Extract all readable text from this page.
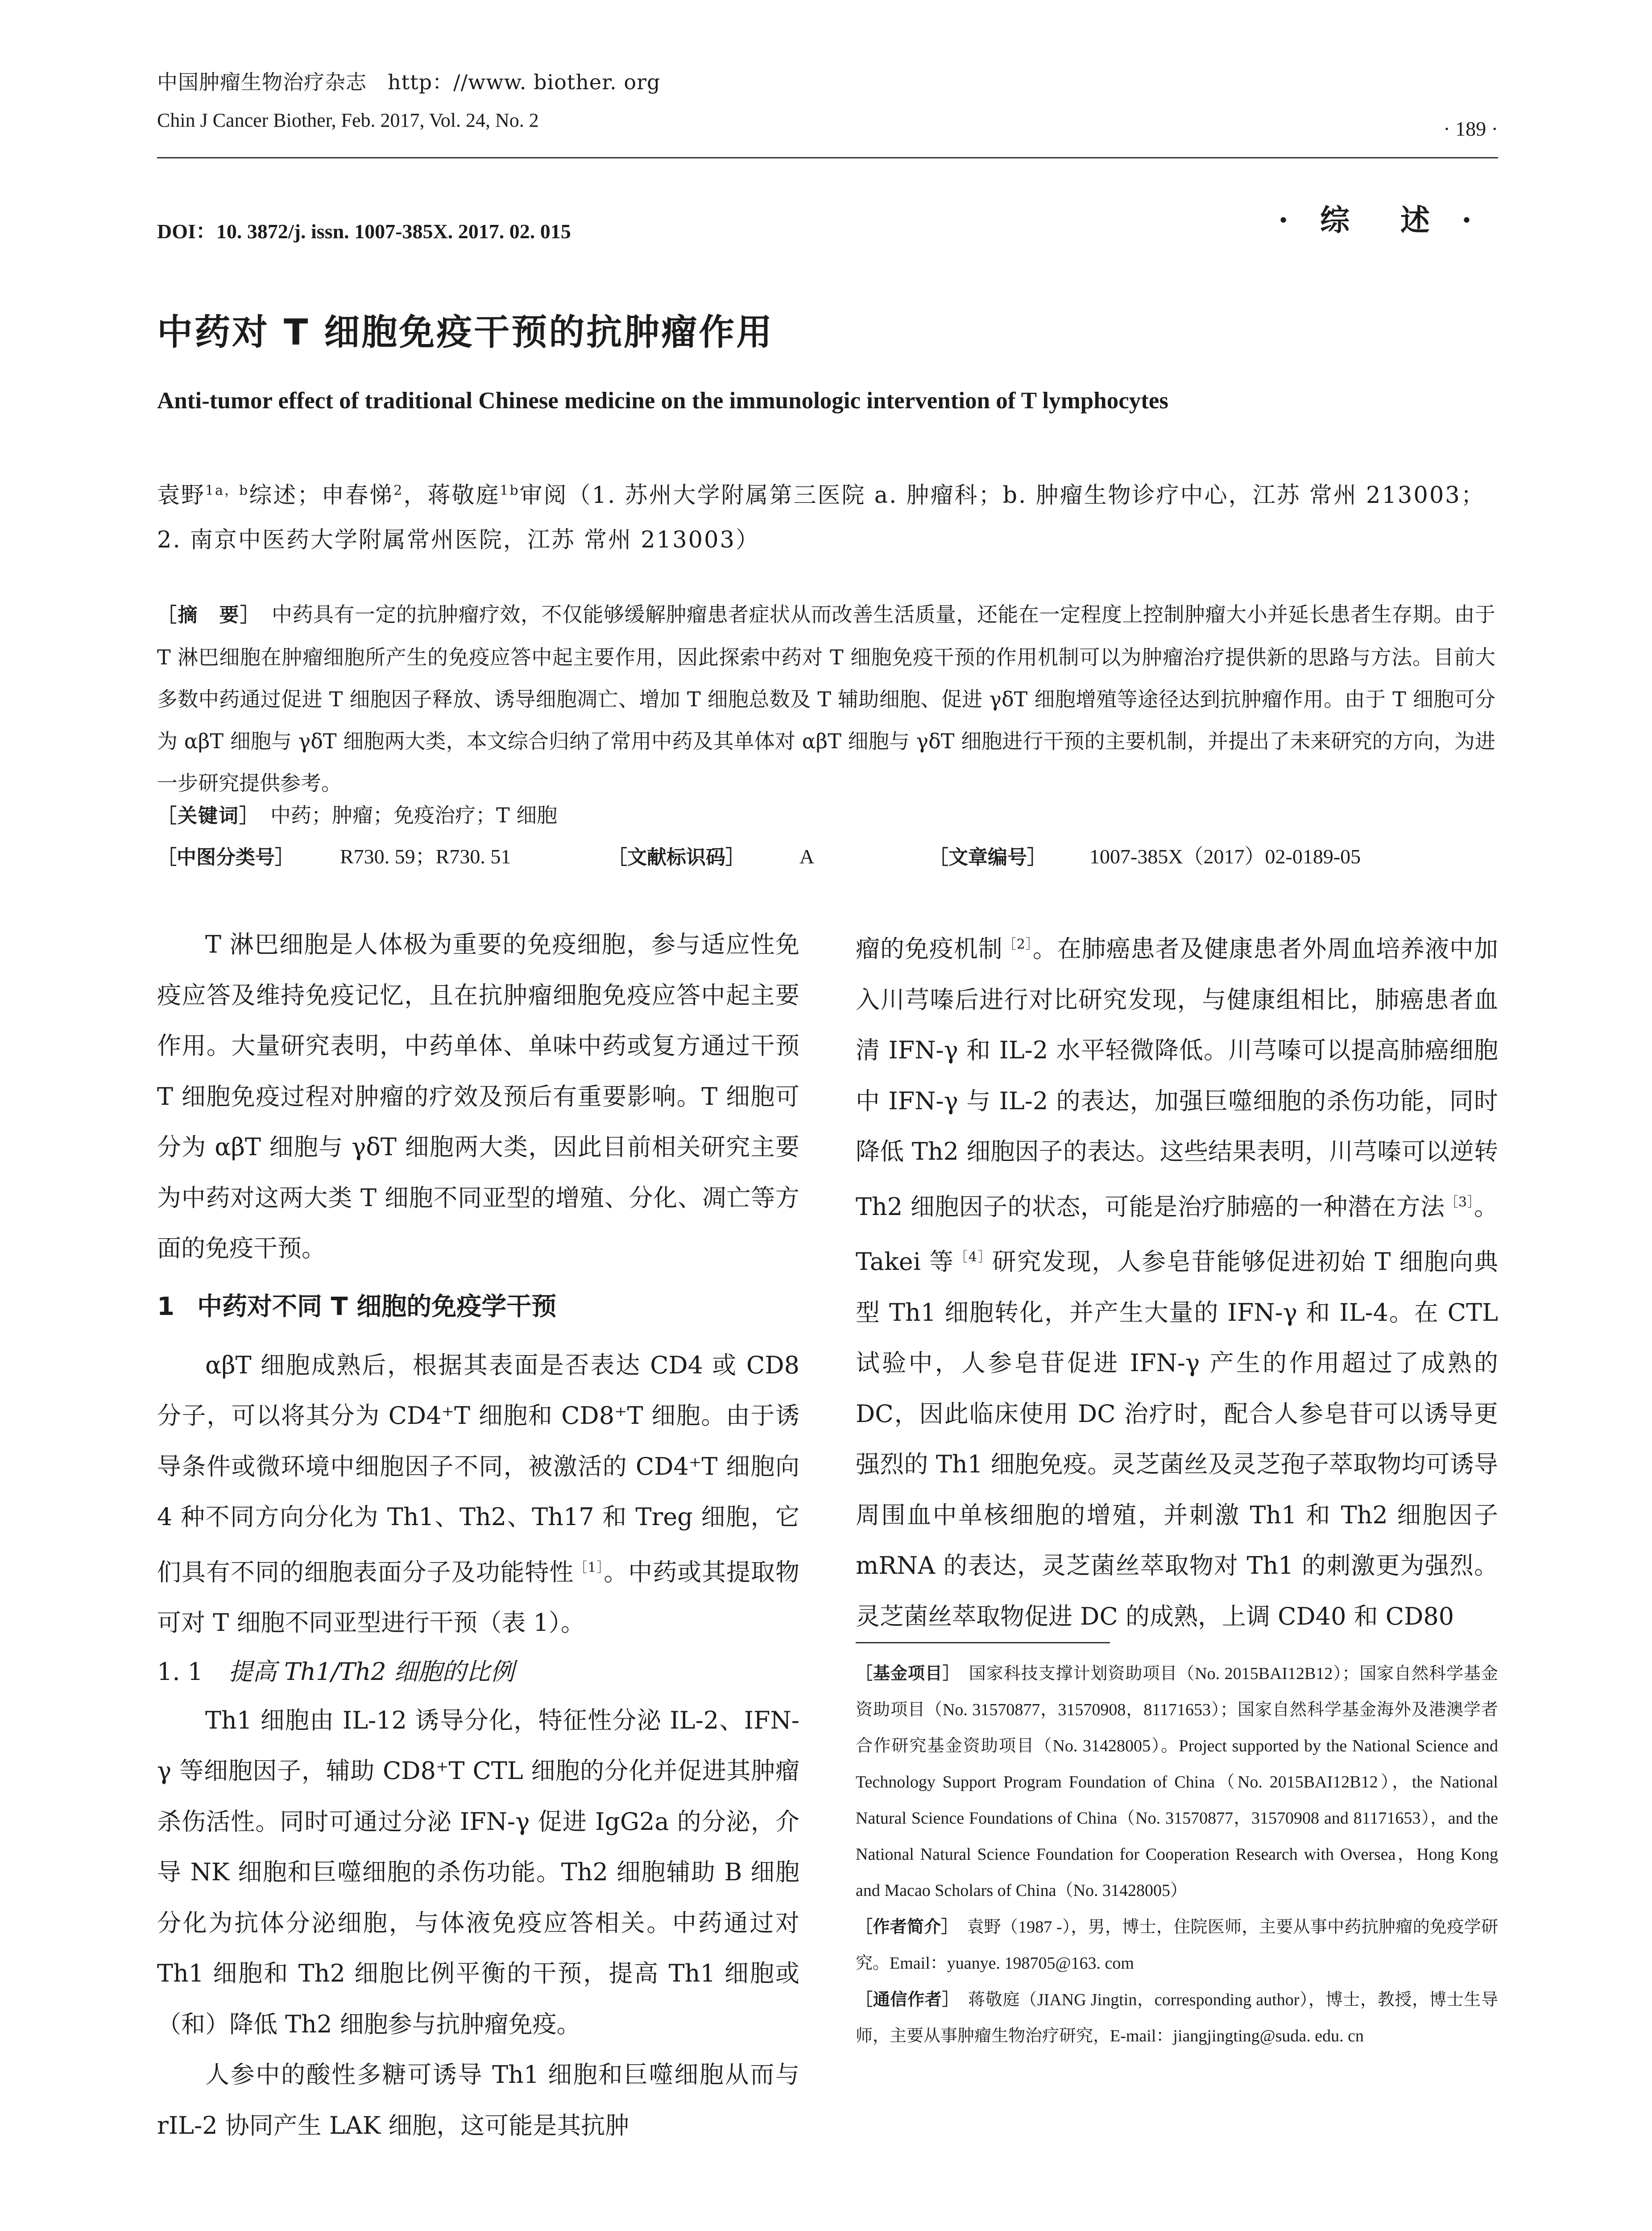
中国肿瘤生物治疗杂志　http：//www. biother. org
Chin J Cancer Biother, Feb. 2017, Vol. 24, No. 2	· 189 ·
DOI：10. 3872/j. issn. 1007-385X. 2017. 02. 015	· 综　述 ·
中药对 T 细胞免疫干预的抗肿瘤作用
Anti-tumor effect of traditional Chinese medicine on the immunologic intervention of T lymphocytes
袁野$^{1a,b}$综述；申春悌$^2$，蒋敬庭$^{1b}$审阅（1. 苏州大学附属第三医院 a. 肿瘤科；b. 肿瘤生物诊疗中心，江苏 常州 213003；2. 南京中医药大学附属常州医院，江苏 常州 213003）
［摘　要］　 中药具有一定的抗肿瘤疗效，不仅能够缓解肿瘤患者症状从而改善生活质量，还能在一定程度上控制肿瘤大小并延长患者生存期。由于 T 淋巴细胞在肿瘤细胞所产生的免疫应答中起主要作用，因此探索中药对 T 细胞免疫干预的作用机制可以为肿瘤治疗提供新的思路与方法。目前大多数中药通过促进 T 细胞因子释放、诱导细胞凋亡、增加 T 细胞总数及 T 辅助细胞、促进 γδT 细胞增殖等途径达到抗肿瘤作用。由于 T 细胞可分为 αβT 细胞与 γδT 细胞两大类，本文综合归纳了常用中药及其单体对 αβT 细胞与 γδT 细胞进行干预的主要机制，并提出了未来研究的方向，为进一步研究提供参考。
［关键词］　 中药；肿瘤；免疫治疗；T 细胞
［中图分类号］ R730. 59；R730. 51	［文献标识码］	A	［文章编号］ 1007-385X（2017）02-0189-05

T 淋巴细胞是人体极为重要的免疫细胞，参与适应性免疫应答及维持免疫记忆，且在抗肿瘤细胞免疫应答中起主要作用。大量研究表明，中药单体、单味中药或复方通过干预 T 细胞免疫过程对肿瘤的疗效及预后有重要影响。T 细胞可分为 αβT 细胞与 γδT 细胞两大类，因此目前相关研究主要为中药对这两大类 T 细胞不同亚型的增殖、分化、凋亡等方面的免疫干预。

1 中药对不同 T 细胞的免疫学干预

αβT 细胞成熟后，根据其表面是否表达 CD4 或 CD8 分子，可以将其分为 CD4⁺T 细胞和 CD8⁺T 细胞。由于诱导条件或微环境中细胞因子不同，被激活的 CD4⁺T 细胞向 4 种不同方向分化为 Th1、Th2、Th17 和 Treg 细胞，它们具有不同的细胞表面分子及功能特性$^{[1]}$。中药或其提取物可对 T 细胞不同亚型进行干预（表 1）。

1. 1 提高 Th1/Th2 细胞的比例

Th1 细胞由 IL-12 诱导分化，特征性分泌 IL-2、IFN-γ 等细胞因子，辅助 CD8⁺T CTL 细胞的分化并促进其肿瘤杀伤活性。同时可通过分泌 IFN-γ 促进 IgG2a 的分泌，介导 NK 细胞和巨噬细胞的杀伤功能。Th2 细胞辅助 B 细胞分化为抗体分泌细胞，与体液免疫应答相关。中药通过对 Th1 细胞和 Th2 细胞比例平衡的干预，提高 Th1 细胞或（和）降低 Th2 细胞参与抗肿瘤免疫。

人参中的酸性多糖可诱导 Th1 细胞和巨噬细胞从而与 rIL-2 协同产生 LAK 细胞，这可能是其抗肿

瘤的免疫机制$^{[2]}$。在肺癌患者及健康患者外周血培养液中加入川芎嗪后进行对比研究发现，与健康组相比，肺癌患者血清 IFN-γ 和 IL-2 水平轻微降低。川芎嗪可以提高肺癌细胞中 IFN-γ 与 IL-2 的表达，加强巨噬细胞的杀伤功能，同时降低 Th2 细胞因子的表达。这些结果表明，川芎嗪可以逆转 Th2 细胞因子的状态，可能是治疗肺癌的一种潜在方法$^{[3]}$。Takei 等$^{[4]}$研究发现，人参皂苷能够促进初始 T 细胞向典型 Th1 细胞转化，并产生大量的 IFN-γ 和 IL-4。在 CTL 试验中，人参皂苷促进 IFN-γ 产生的作用超过了成熟的 DC，因此临床使用 DC 治疗时，配合人参皂苷可以诱导更强烈的 Th1 细胞免疫。灵芝菌丝及灵芝孢子萃取物均可诱导周围血中单核细胞的增殖，并刺激 Th1 和 Th2 细胞因子 mRNA 的表达，灵芝菌丝萃取物对 Th1 的刺激更为强烈。灵芝菌丝萃取物促进 DC 的成熟，上调 CD40 和 CD80

［基金项目］　 国家科技支撑计划资助项目（No. 2015BAI12B12）；国家自然科学基金资助项目（No. 31570877，31570908，81171653）；国家自然科学基金海外及港澳学者合作研究基金资助项目（No. 31428005）。Project supported by the National Science and Technology Support Program Foundation of China（No. 2015BAI12B12），the National Natural Science Foundations of China（No. 31570877，31570908 and 81171653），and the National Natural Science Foundation for Cooperation Research with Oversea，Hong Kong and Macao Scholars of China（No. 31428005）

［作者简介］　 袁野（1987 -），男，博士，住院医师，主要从事中药抗肿瘤的免疫学研究。Email：yuanye. 198705@163. com

［通信作者］　 蒋敬庭（JIANG Jingtin，corresponding author），博士，教授，博士生导师，主要从事肿瘤生物治疗研究，E-mail：jiangjingting@suda. edu. cn
